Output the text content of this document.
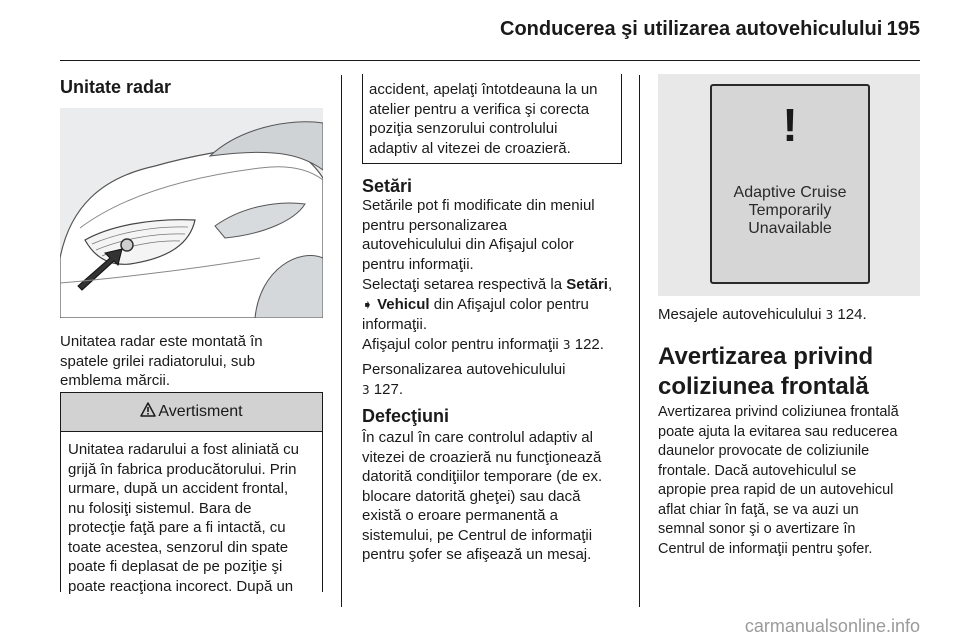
Conducerea şi utilizarea autovehiculului 195
Unitate radar
Unitatea radar este montată în
spatele grilei radiatorului, sub
emblema mărcii.
Avertisment
Unitatea radarului a fost aliniată cu
grijă în fabrica producătorului. Prin
urmare, după un accident frontal,
nu folosiţi sistemul. Bara de
protecţie faţă pare a fi intactă, cu
toate acestea, senzorul din spate
poate fi deplasat de pe poziţie şi
poate reacţiona incorect. După un
accident, apelaţi întotdeauna la un
atelier pentru a verifica şi corecta
poziţia senzorului controlului
adaptiv al vitezei de croazieră.
Setări
Setările pot fi modificate din meniul
pentru personalizarea
autovehiculului din Afişajul color
pentru informaţii.
Selectaţi setarea respectivă la Setări,
➧ Vehicul din Afişajul color pentru
informaţii.
Afişajul color pentru informaţii 3 122.
Personalizarea autovehiculului
3 127.
Defecţiuni
În cazul în care controlul adaptiv al
vitezei de croazieră nu funcţionează
datorită condiţiilor temporare (de ex.
blocare datorită gheţei) sau dacă
există o eroare permanentă a
sistemului, pe Centrul de informaţii
pentru şofer se afişează un mesaj.
!
Adaptive Cruise
Temporarily
Unavailable
Mesajele autovehiculului 3 124.
Avertizarea privind
coliziunea frontală
Avertizarea privind coliziunea frontală
poate ajuta la evitarea sau reducerea
daunelor provocate de coliziunile
frontale. Dacă autovehiculul se
apropie prea rapid de un autovehicul
aflat chiar în faţă, se va auzi un
semnal sonor şi o avertizare în
Centrul de informaţii pentru şofer.
carmanualsonline.info
